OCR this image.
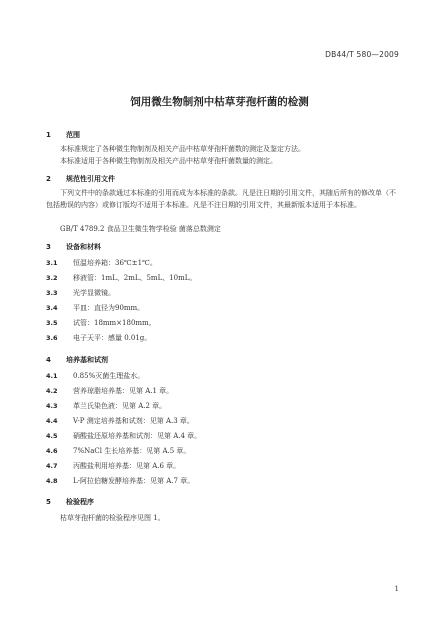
DB44/T 580—2009
饲用微生物制剂中枯草芽孢杆菌的检测
1 范围
本标准规定了各种微生物制剂及相关产品中枯草芽孢杆菌数的测定及鉴定方法。
本标准适用于各种微生物制剂及相关产品中枯草芽孢杆菌数量的测定。
2 规范性引用文件
下列文件中的条款通过本标准的引用而成为本标准的条款。凡是注日期的引用文件，其随后所有的修改单（不包括勘误的内容）或修订版均不适用于本标准。凡是不注日期的引用文件，其最新版本适用于本标准。
GB/T 4789.2 食品卫生微生物学检验 菌落总数测定
3 设备和材料
3.1 恒温培养箱：36℃±1℃。
3.2 移液管：1mL、2mL、5mL、10mL。
3.3 光学显微镜。
3.4 平皿：直径为90mm。
3.5 试管：18mm×180mm。
3.6 电子天平：感量 0.01g。
4 培养基和试剂
4.1 0.85%灭菌生理盐水。
4.2 营养琼脂培养基：见第 A.1 章。
4.3 革兰氏染色液：见第 A.2 章。
4.4 V-P 测定培养基和试剂：见第 A.3 章。
4.5 硝酸盐还原培养基和试剂：见第 A.4 章。
4.6 7%NaCl 生长培养基：见第 A.5 章。
4.7 丙酸盐利用培养基：见第 A.6 章。
4.8 L-阿拉伯糖发酵培养基：见第 A.7 章。
5 检验程序
枯草芽孢杆菌的检验程序见图 1。
1
